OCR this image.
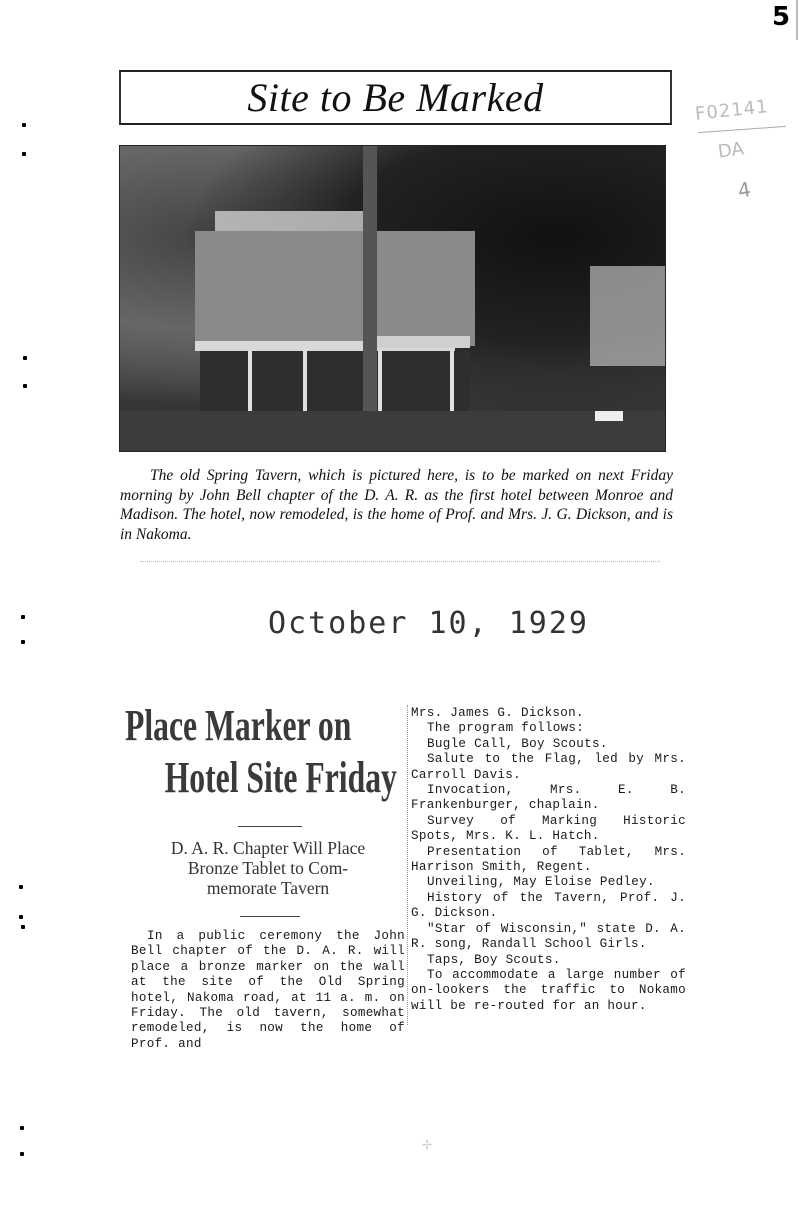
5
F02141
DA
4
Site to Be Marked
The old Spring Tavern, which is pictured here, is to be marked on next Friday morning by John Bell chapter of the D. A. R. as the first hotel between Monroe and Madison. The hotel, now remodeled, is the home of Prof. and Mrs. J. G. Dickson, and is in Nakoma.
October 10, 1929
Place Marker on
Hotel Site Friday
D. A. R. Chapter Will Place
Bronze Tablet to Com-
memorate Tavern

In a public ceremony the John Bell chapter of the D. A. R. will place a bronze marker on the wall at the site of the Old Spring hotel, Nakoma road, at 11 a. m. on Friday. The old tavern, somewhat remodeled, is now the home of Prof. and

Mrs. James G. Dickson.

The program follows:

Bugle Call, Boy Scouts.

Salute to the Flag, led by Mrs. Carroll Davis.

Invocation, Mrs. E. B. Frankenburger, chaplain.

Survey of Marking Historic Spots, Mrs. K. L. Hatch.

Presentation of Tablet, Mrs. Harrison Smith, Regent.

Unveiling, May Eloise Pedley.

History of the Tavern, Prof. J. G. Dickson.

"Star of Wisconsin," state D. A. R. song, Randall School Girls.

Taps, Boy Scouts.

To accommodate a large number of on-lookers the traffic to Nokamo will be re-routed for an hour.

✢
